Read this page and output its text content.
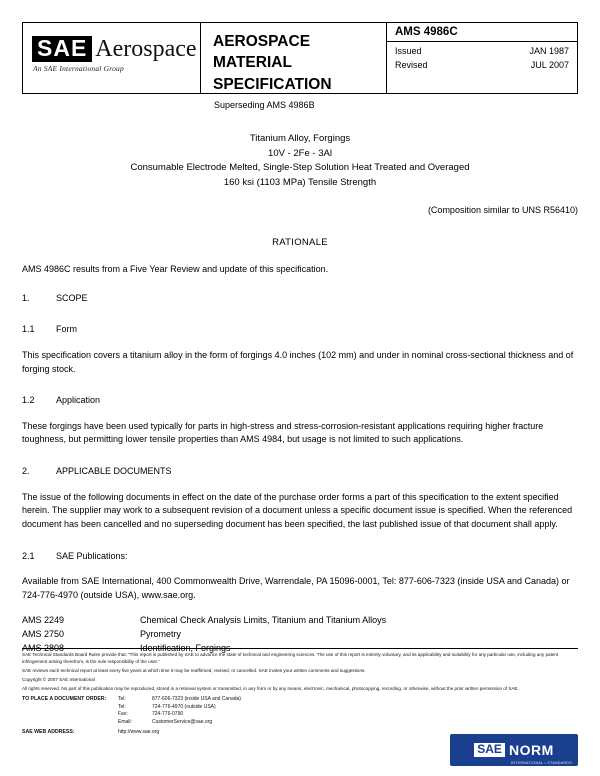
SAE Aerospace
An SAE International Group
AEROSPACE MATERIAL SPECIFICATION
AMS 4986C
Issued	JAN 1987
Revised	JUL 2007
Superseding AMS 4986B
Titanium Alloy, Forgings
10V - 2Fe - 3Al
Consumable Electrode Melted, Single-Step Solution Heat Treated and Overaged
160 ksi (1103 MPa) Tensile Strength
(Composition similar to UNS R56410)
RATIONALE
AMS 4986C results from a Five Year Review and update of this specification.
1.	SCOPE
1.1	Form
This specification covers a titanium alloy in the form of forgings 4.0 inches (102 mm) and under in nominal cross-sectional thickness and of forging stock.
1.2	Application
These forgings have been used typically for parts in high-stress and stress-corrosion-resistant applications requiring higher fracture toughness, but permitting lower tensile properties than AMS 4984, but usage is not limited to such applications.
2.	APPLICABLE DOCUMENTS
The issue of the following documents in effect on the date of the purchase order forms a part of this specification to the extent specified herein. The supplier may work to a subsequent revision of a document unless a specific document issue is specified. When the referenced document has been cancelled and no superseding document has been specified, the last published issue of that document shall apply.
2.1	SAE Publications:
Available from SAE International, 400 Commonwealth Drive, Warrendale, PA 15096-0001, Tel: 877-606-7323 (inside USA and Canada) or 724-776-4970 (outside USA), www.sae.org.
AMS 2249	Chemical Check Analysis Limits, Titanium and Titanium Alloys
AMS 2750	Pyrometry
AMS 2808	Identification, Forgings
SAE Technical Standards Board Rules provide that: “This report is published by SAE to advance the state of technical and engineering sciences. The use of this report is entirely voluntary, and its applicability and suitability for any particular use, including any patent infringement arising therefrom, is the sole responsibility of the user.”
SAE reviews each technical report at least every five years at which time it may be reaffirmed, revised, or cancelled. SAE invites your written comments and suggestions.
Copyright © 2007 SAE International
All rights reserved. No part of this publication may be reproduced, stored in a retrieval system or transmitted, in any form or by any means, electronic, mechanical, photocopying, recording, or otherwise, without the prior written permission of SAE.
TO PLACE A DOCUMENT ORDER:	Tel:	877-606-7323 (inside USA and Canada)
Tel:	724-776-4970 (outside USA)
Fax:	724-776-0790
Email:	CustomerService@sae.org
SAE WEB ADDRESS:	http://www.sae.org
SAE NORM
INTERNATIONAL • STANDARDS
